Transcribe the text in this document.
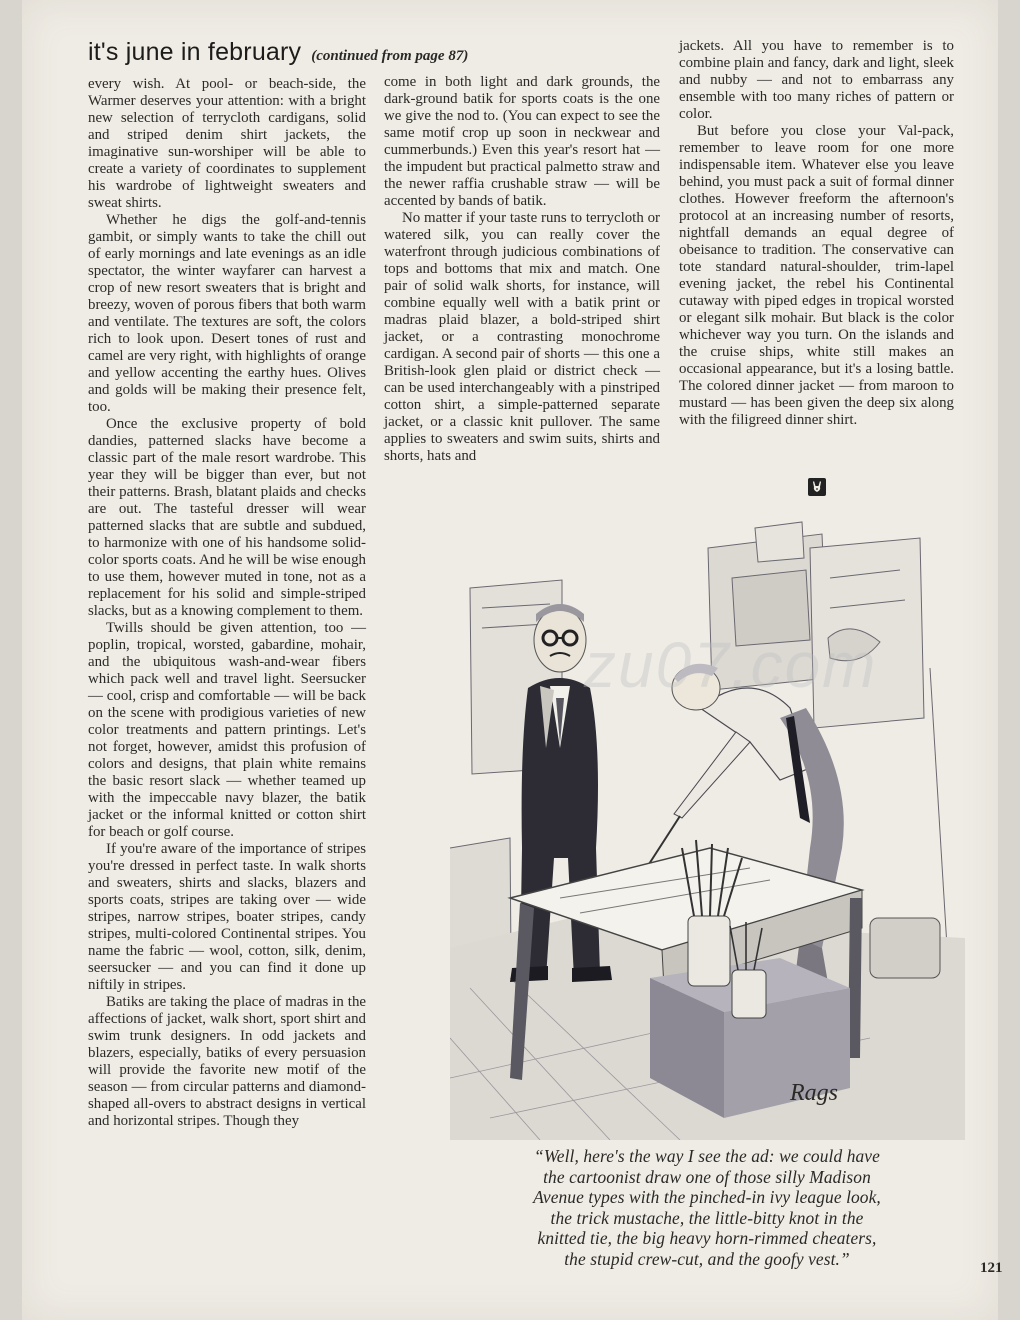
it's june in february (continued from page 87)

every wish. At pool- or beach-side, the Warmer deserves your attention: with a bright new selection of terrycloth cardigans, solid and striped denim shirt jackets, the imaginative sun-worshiper will be able to create a variety of coordinates to supplement his wardrobe of lightweight sweaters and sweat shirts.

Whether he digs the golf-and-tennis gambit, or simply wants to take the chill out of early mornings and late evenings as an idle spectator, the winter wayfarer can harvest a crop of new resort sweaters that is bright and breezy, woven of porous fibers that both warm and ventilate. The textures are soft, the colors rich to look upon. Desert tones of rust and camel are very right, with highlights of orange and yellow accenting the earthy hues. Olives and golds will be making their presence felt, too.

Once the exclusive property of bold dandies, patterned slacks have become a classic part of the male resort wardrobe. This year they will be bigger than ever, but not their patterns. Brash, blatant plaids and checks are out. The tasteful dresser will wear patterned slacks that are subtle and subdued, to harmonize with one of his handsome solid-color sports coats. And he will be wise enough to use them, however muted in tone, not as a replacement for his solid and simple-striped slacks, but as a knowing complement to them.

Twills should be given attention, too — poplin, tropical, worsted, gabardine, mohair, and the ubiquitous wash-and-wear fibers which pack well and travel light. Seersucker — cool, crisp and comfortable — will be back on the scene with prodigious varieties of new color treatments and pattern printings. Let's not forget, however, amidst this profusion of colors and designs, that plain white remains the basic resort slack — whether teamed up with the impeccable navy blazer, the batik jacket or the informal knitted or cotton shirt for beach or golf course.

If you're aware of the importance of stripes you're dressed in perfect taste. In walk shorts and sweaters, shirts and slacks, blazers and sports coats, stripes are taking over — wide stripes, narrow stripes, boater stripes, candy stripes, multi-colored Continental stripes. You name the fabric — wool, cotton, silk, denim, seersucker — and you can find it done up niftily in stripes.

Batiks are taking the place of madras in the affections of jacket, walk short, sport shirt and swim trunk designers. In odd jackets and blazers, especially, batiks of every persuasion will provide the favorite new motif of the season — from circular patterns and diamond-shaped all-overs to abstract designs in vertical and horizontal stripes. Though they

come in both light and dark grounds, the dark-ground batik for sports coats is the one we give the nod to. (You can expect to see the same motif crop up soon in neckwear and cummerbunds.) Even this year's resort hat — the impudent but practical palmetto straw and the newer raffia crushable straw — will be accented by bands of batik.

No matter if your taste runs to terrycloth or watered silk, you can really cover the waterfront through judicious combinations of tops and bottoms that mix and match. One pair of solid walk shorts, for instance, will combine equally well with a batik print or madras plaid blazer, a bold-striped shirt jacket, or a contrasting monochrome cardigan. A second pair of shorts — this one a British-look glen plaid or district check — can be used interchangeably with a pinstriped cotton shirt, a simple-patterned separate jacket, or a classic knit pullover. The same applies to sweaters and swim suits, shirts and shorts, hats and

jackets. All you have to remember is to combine plain and fancy, dark and light, sleek and nubby — and not to embarrass any ensemble with too many riches of pattern or color.

But before you close your Val-pack, remember to leave room for one more indispensable item. Whatever else you leave behind, you must pack a suit of formal dinner clothes. However freeform the afternoon's protocol at an increasing number of resorts, nightfall demands an equal degree of obeisance to tradition. The conservative can tote standard natural-shoulder, trim-lapel evening jacket, the rebel his Continental cutaway with piped edges in tropical worsted or elegant silk mohair. But black is the color whichever way you turn. On the islands and the cruise ships, white still makes an occasional appearance, but it's a losing battle. The colored dinner jacket — from maroon to mustard — has been given the deep six along with the filigreed dinner shirt.

Rags
zu07.com
“Well, here's the way I see the ad: we could have
the cartoonist draw one of those silly Madison
Avenue types with the pinched-in ivy league look,
the trick mustache, the little-bitty knot in the
knitted tie, the big heavy horn-rimmed cheaters,
the stupid crew-cut, and the goofy vest.”	121
